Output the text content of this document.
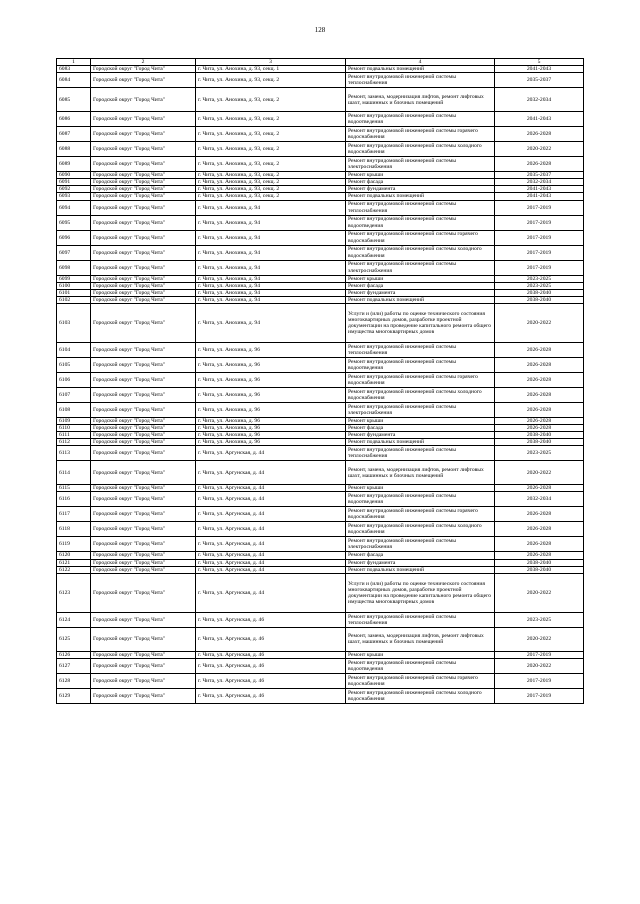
128
1	2	3	4	5
6083	Городской округ "Город Чита"	г. Чита, ул. Анохина, д. 93, секц. 1	Ремонт подвальных помещений	2041-2043
6084	Городской округ "Город Чита"	г. Чита, ул. Анохина, д. 93, секц. 2	Ремонт внутридомовой инженерной системы теплоснабжения	2035-2037
6085	Городской округ "Город Чита"	г. Чита, ул. Анохина, д. 93, секц. 2	Ремонт, замена, модернизация лифтов, ремонт лифтовых шахт, машинных и блочных помещений	2032-2034
6086	Городской округ "Город Чита"	г. Чита, ул. Анохина, д. 93, секц. 2	Ремонт внутридомовой инженерной системы водоотведения	2041-2043
6087	Городской округ "Город Чита"	г. Чита, ул. Анохина, д. 93, секц. 2	Ремонт внутридомовой инженерной системы горячего водоснабжения	2026-2028
6088	Городской округ "Город Чита"	г. Чита, ул. Анохина, д. 93, секц. 2	Ремонт внутридомовой инженерной системы холодного водоснабжения	2020-2022
6089	Городской округ "Город Чита"	г. Чита, ул. Анохина, д. 93, секц. 2	Ремонт внутридомовой инженерной системы электроснабжения	2026-2028
6090	Городской округ "Город Чита"	г. Чита, ул. Анохина, д. 93, секц. 2	Ремонт крыши	2035-2037
6091	Городской округ "Город Чита"	г. Чита, ул. Анохина, д. 93, секц. 2	Ремонт фасада	2032-2034
6092	Городской округ "Город Чита"	г. Чита, ул. Анохина, д. 93, секц. 2	Ремонт фундамента	2041-2043
6093	Городской округ "Город Чита"	г. Чита, ул. Анохина, д. 93, секц. 2	Ремонт подвальных помещений	2041-2043
6094	Городской округ "Город Чита"	г. Чита, ул. Анохина, д. 94	Ремонт внутридомовой инженерной системы теплоснабжения	2017-2019
6095	Городской округ "Город Чита"	г. Чита, ул. Анохина, д. 94	Ремонт внутридомовой инженерной системы водоотведения	2017-2019
6096	Городской округ "Город Чита"	г. Чита, ул. Анохина, д. 94	Ремонт внутридомовой инженерной системы горячего водоснабжения	2017-2019
6097	Городской округ "Город Чита"	г. Чита, ул. Анохина, д. 94	Ремонт внутридомовой инженерной системы холодного водоснабжения	2017-2019
6098	Городской округ "Город Чита"	г. Чита, ул. Анохина, д. 94	Ремонт внутридомовой инженерной системы электроснабжения	2017-2019
6099	Городской округ "Город Чита"	г. Чита, ул. Анохина, д. 94	Ремонт крыши	2023-2025
6100	Городской округ "Город Чита"	г. Чита, ул. Анохина, д. 94	Ремонт фасада	2023-2025
6101	Городской округ "Город Чита"	г. Чита, ул. Анохина, д. 94	Ремонт фундамента	2038-2040
6102	Городской округ "Город Чита"	г. Чита, ул. Анохина, д. 94	Ремонт подвальных помещений	2038-2040
6103	Городской округ "Город Чита"	г. Чита, ул. Анохина, д. 94	Услуги и (или) работы по оценке технического состояния многоквартирных домов, разработке проектной документации на проведение капитального ремонта общего имущества многоквартирных домов	2020-2022
6104	Городской округ "Город Чита"	г. Чита, ул. Анохина, д. 96	Ремонт внутридомовой инженерной системы теплоснабжения	2026-2028
6105	Городской округ "Город Чита"	г. Чита, ул. Анохина, д. 96	Ремонт внутридомовой инженерной системы водоотведения	2026-2028
6106	Городской округ "Город Чита"	г. Чита, ул. Анохина, д. 96	Ремонт внутридомовой инженерной системы горячего водоснабжения	2026-2028
6107	Городской округ "Город Чита"	г. Чита, ул. Анохина, д. 96	Ремонт внутридомовой инженерной системы холодного водоснабжения	2026-2028
6108	Городской округ "Город Чита"	г. Чита, ул. Анохина, д. 96	Ремонт внутридомовой инженерной системы электроснабжения	2026-2028
6109	Городской округ "Город Чита"	г. Чита, ул. Анохина, д. 96	Ремонт крыши	2026-2028
6110	Городской округ "Город Чита"	г. Чита, ул. Анохина, д. 96	Ремонт фасада	2026-2028
6111	Городской округ "Город Чита"	г. Чита, ул. Анохина, д. 96	Ремонт фундамента	2038-2040
6112	Городской округ "Город Чита"	г. Чита, ул. Анохина, д. 96	Ремонт подвальных помещений	2038-2040
6113	Городской округ "Город Чита"	г. Чита, ул. Аргунская, д. 44	Ремонт внутридомовой инженерной системы теплоснабжения	2023-2025
6114	Городской округ "Город Чита"	г. Чита, ул. Аргунская, д. 44	Ремонт, замена, модернизация лифтов, ремонт лифтовых шахт, машинных и блочных помещений	2020-2022
6115	Городской округ "Город Чита"	г. Чита, ул. Аргунская, д. 44	Ремонт крыши	2026-2028
6116	Городской округ "Город Чита"	г. Чита, ул. Аргунская, д. 44	Ремонт внутридомовой инженерной системы водоотведения	2032-2034
6117	Городской округ "Город Чита"	г. Чита, ул. Аргунская, д. 44	Ремонт внутридомовой инженерной системы горячего водоснабжения	2026-2028
6118	Городской округ "Город Чита"	г. Чита, ул. Аргунская, д. 44	Ремонт внутридомовой инженерной системы холодного водоснабжения	2026-2028
6119	Городской округ "Город Чита"	г. Чита, ул. Аргунская, д. 44	Ремонт внутридомовой инженерной системы электроснабжения	2026-2028
6120	Городской округ "Город Чита"	г. Чита, ул. Аргунская, д. 44	Ремонт фасада	2026-2028
6121	Городской округ "Город Чита"	г. Чита, ул. Аргунская, д. 44	Ремонт фундамента	2038-2040
6122	Городской округ "Город Чита"	г. Чита, ул. Аргунская, д. 44	Ремонт подвальных помещений	2038-2040
6123	Городской округ "Город Чита"	г. Чита, ул. Аргунская, д. 44	Услуги и (или) работы по оценке технического состояния многоквартирных домов, разработке проектной документации на проведение капитального ремонта общего имущества многоквартирных домов	2020-2022
6124	Городской округ "Город Чита"	г. Чита, ул. Аргунская, д. 46	Ремонт внутридомовой инженерной системы теплоснабжения	2023-2025
6125	Городской округ "Город Чита"	г. Чита, ул. Аргунская, д. 46	Ремонт, замена, модернизация лифтов, ремонт лифтовых шахт, машинных и блочных помещений	2020-2022
6126	Городской округ "Город Чита"	г. Чита, ул. Аргунская, д. 46	Ремонт крыши	2017-2019
6127	Городской округ "Город Чита"	г. Чита, ул. Аргунская, д. 46	Ремонт внутридомовой инженерной системы водоотведения	2020-2022
6128	Городской округ "Город Чита"	г. Чита, ул. Аргунская, д. 46	Ремонт внутридомовой инженерной системы горячего водоснабжения	2017-2019
6129	Городской округ "Город Чита"	г. Чита, ул. Аргунская, д. 46	Ремонт внутридомовой инженерной системы холодного водоснабжения	2017-2019
